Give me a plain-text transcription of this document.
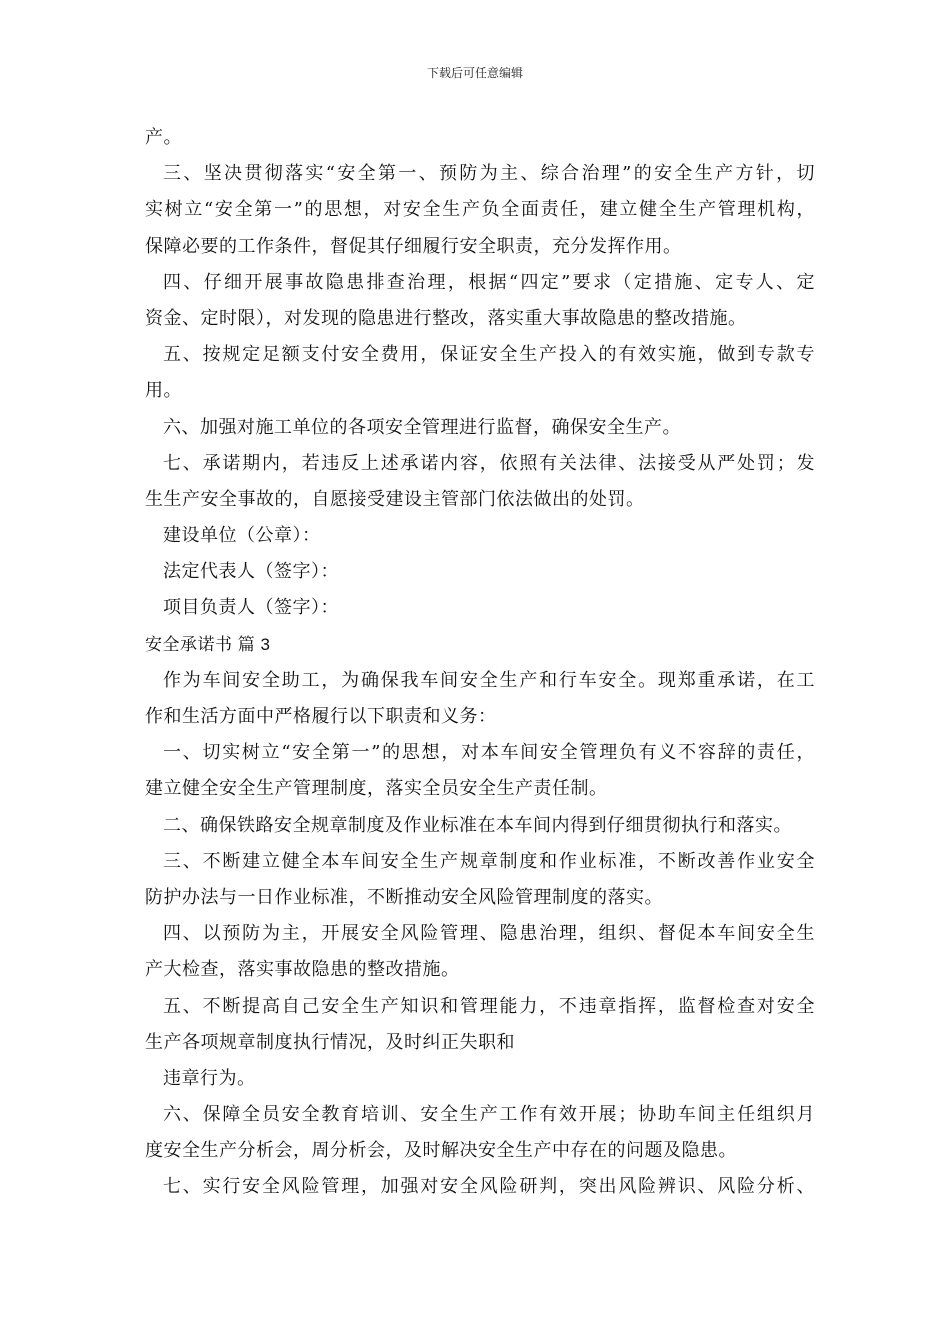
下载后可任意编辑
产。
三、坚决贯彻落实“安全第一、预防为主、综合治理”的安全生产方针，切
实树立“安全第一”的思想，对安全生产负全面责任，建立健全生产管理机构，
保障必要的工作条件，督促其仔细履行安全职责，充分发挥作用。
四、仔细开展事故隐患排查治理，根据“四定”要求（定措施、定专人、定
资金、定时限），对发现的隐患进行整改，落实重大事故隐患的整改措施。
五、按规定足额支付安全费用，保证安全生产投入的有效实施，做到专款专
用。
六、加强对施工单位的各项安全管理进行监督，确保安全生产。
七、承诺期内，若违反上述承诺内容，依照有关法律、法接受从严处罚；发
生生产安全事故的，自愿接受建设主管部门依法做出的处罚。
建设单位（公章）：
法定代表人（签字）：
项目负责人（签字）：
安全承诺书 篇 3
作为车间安全助工，为确保我车间安全生产和行车安全。现郑重承诺，在工
作和生活方面中严格履行以下职责和义务：
一、切实树立“安全第一”的思想，对本车间安全管理负有义不容辞的责任，
建立健全安全生产管理制度，落实全员安全生产责任制。
二、确保铁路安全规章制度及作业标准在本车间内得到仔细贯彻执行和落实。
三、不断建立健全本车间安全生产规章制度和作业标准，不断改善作业安全
防护办法与一日作业标准，不断推动安全风险管理制度的落实。
四、以预防为主，开展安全风险管理、隐患治理，组织、督促本车间安全生
产大检查，落实事故隐患的整改措施。
五、不断提高自己安全生产知识和管理能力，不违章指挥，监督检查对安全
生产各项规章制度执行情况，及时纠正失职和
违章行为。
六、保障全员安全教育培训、安全生产工作有效开展；协助车间主任组织月
度安全生产分析会，周分析会，及时解决安全生产中存在的问题及隐患。
七、实行安全风险管理，加强对安全风险研判，突出风险辨识、风险分析、
